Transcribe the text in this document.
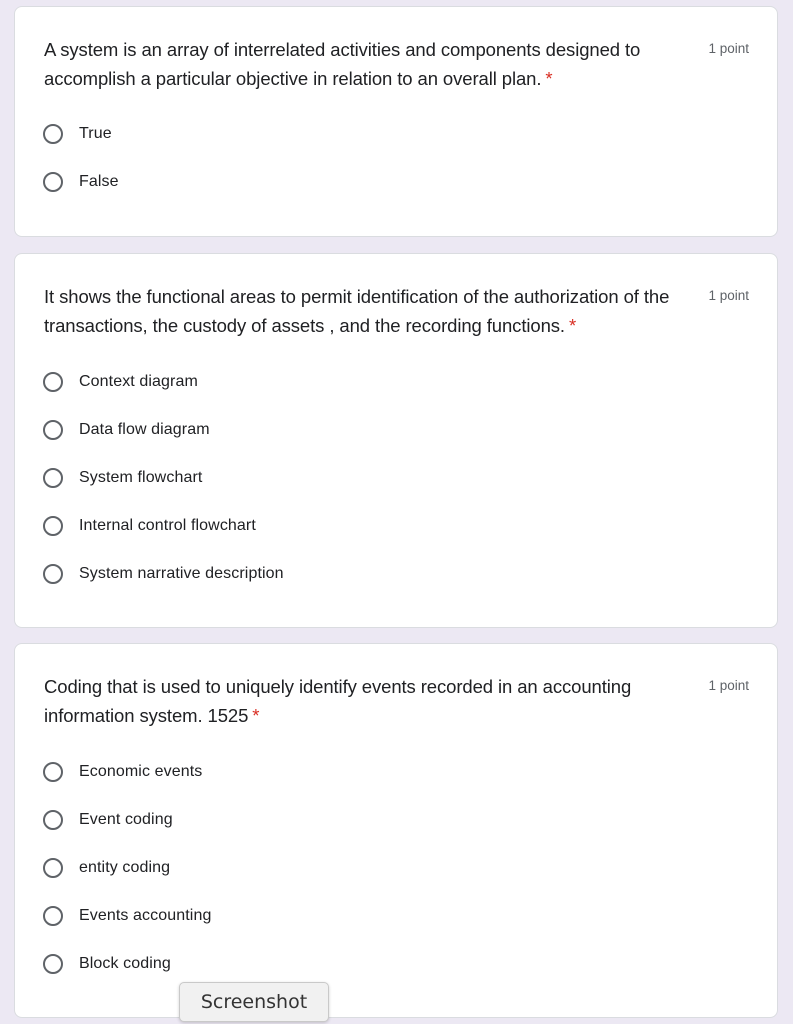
A system is an array of interrelated activities and components designed to accomplish a particular objective in relation to an overall plan. *
1 point
True
False
It shows the functional areas to permit identification of the authorization of the transactions, the custody of assets , and the recording functions. *
1 point
Context diagram
Data flow diagram
System flowchart
Internal control flowchart
System narrative description
Coding that is used to uniquely identify events recorded in an accounting information system. 1525 *
1 point
Economic events
Event coding
entity coding
Events accounting
Block coding
Screenshot
